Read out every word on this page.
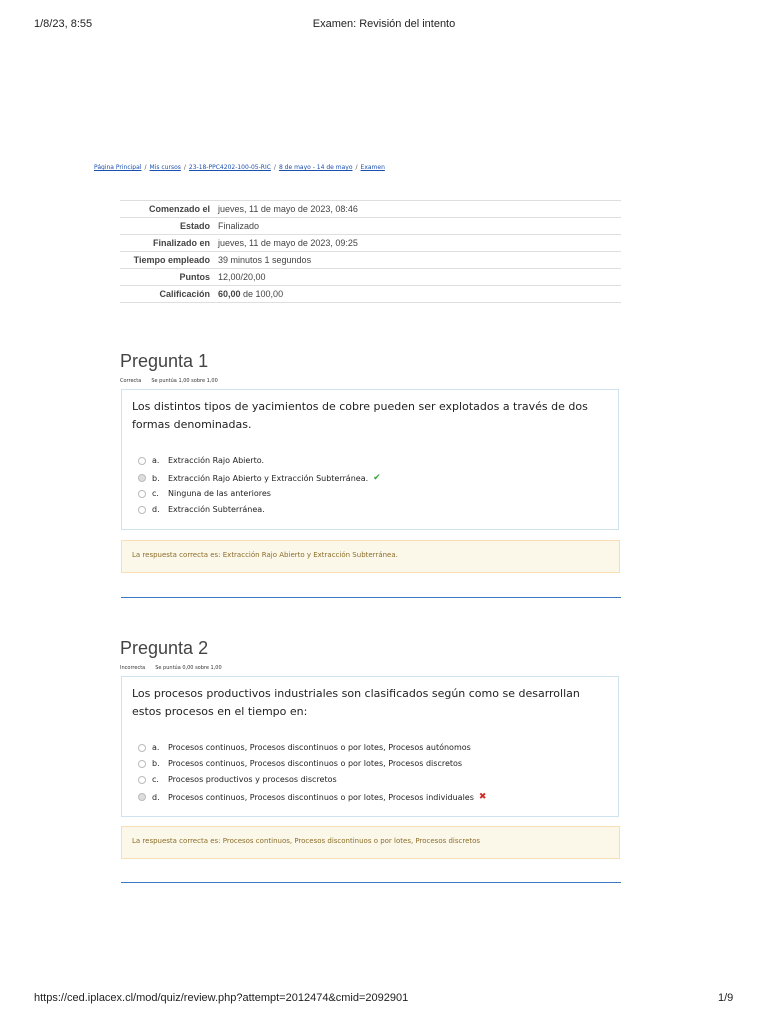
1/8/23, 8:55	Examen: Revisión del intento
Página Principal / Mis cursos / 23-18-PPC4202-100-05-RIC / 8 de mayo - 14 de mayo / Examen
Comenzado el	jueves, 11 de mayo de 2023, 08:46
Estado	Finalizado
Finalizado en	jueves, 11 de mayo de 2023, 09:25
Tiempo empleado	39 minutos 1 segundos
Puntos	12,00/20,00
Calificación	60,00 de 100,00
Pregunta 1
Correcta Se puntúa 1,00 sobre 1,00
Los distintos tipos de yacimientos de cobre pueden ser explotados a través de dos formas denominadas.
a.	Extracción Rajo Abierto.
b.	Extracción Rajo Abierto y Extracción Subterránea. ✔
c.	Ninguna de las anteriores
d.	Extracción Subterránea.
La respuesta correcta es: Extracción Rajo Abierto y Extracción Subterránea.
Pregunta 2
Incorrecta Se puntúa 0,00 sobre 1,00
Los procesos productivos industriales son clasificados según como se desarrollan estos procesos en el tiempo en:
a.	Procesos continuos, Procesos discontinuos o por lotes, Procesos autónomos
b.	Procesos continuos, Procesos discontinuos o por lotes, Procesos discretos
c.	Procesos productivos y procesos discretos
d.	Procesos continuos, Procesos discontinuos o por lotes, Procesos individuales ✖
La respuesta correcta es: Procesos continuos, Procesos discontinuos o por lotes, Procesos discretos
https://ced.iplacex.cl/mod/quiz/review.php?attempt=2012474&cmid=2092901	1/9
